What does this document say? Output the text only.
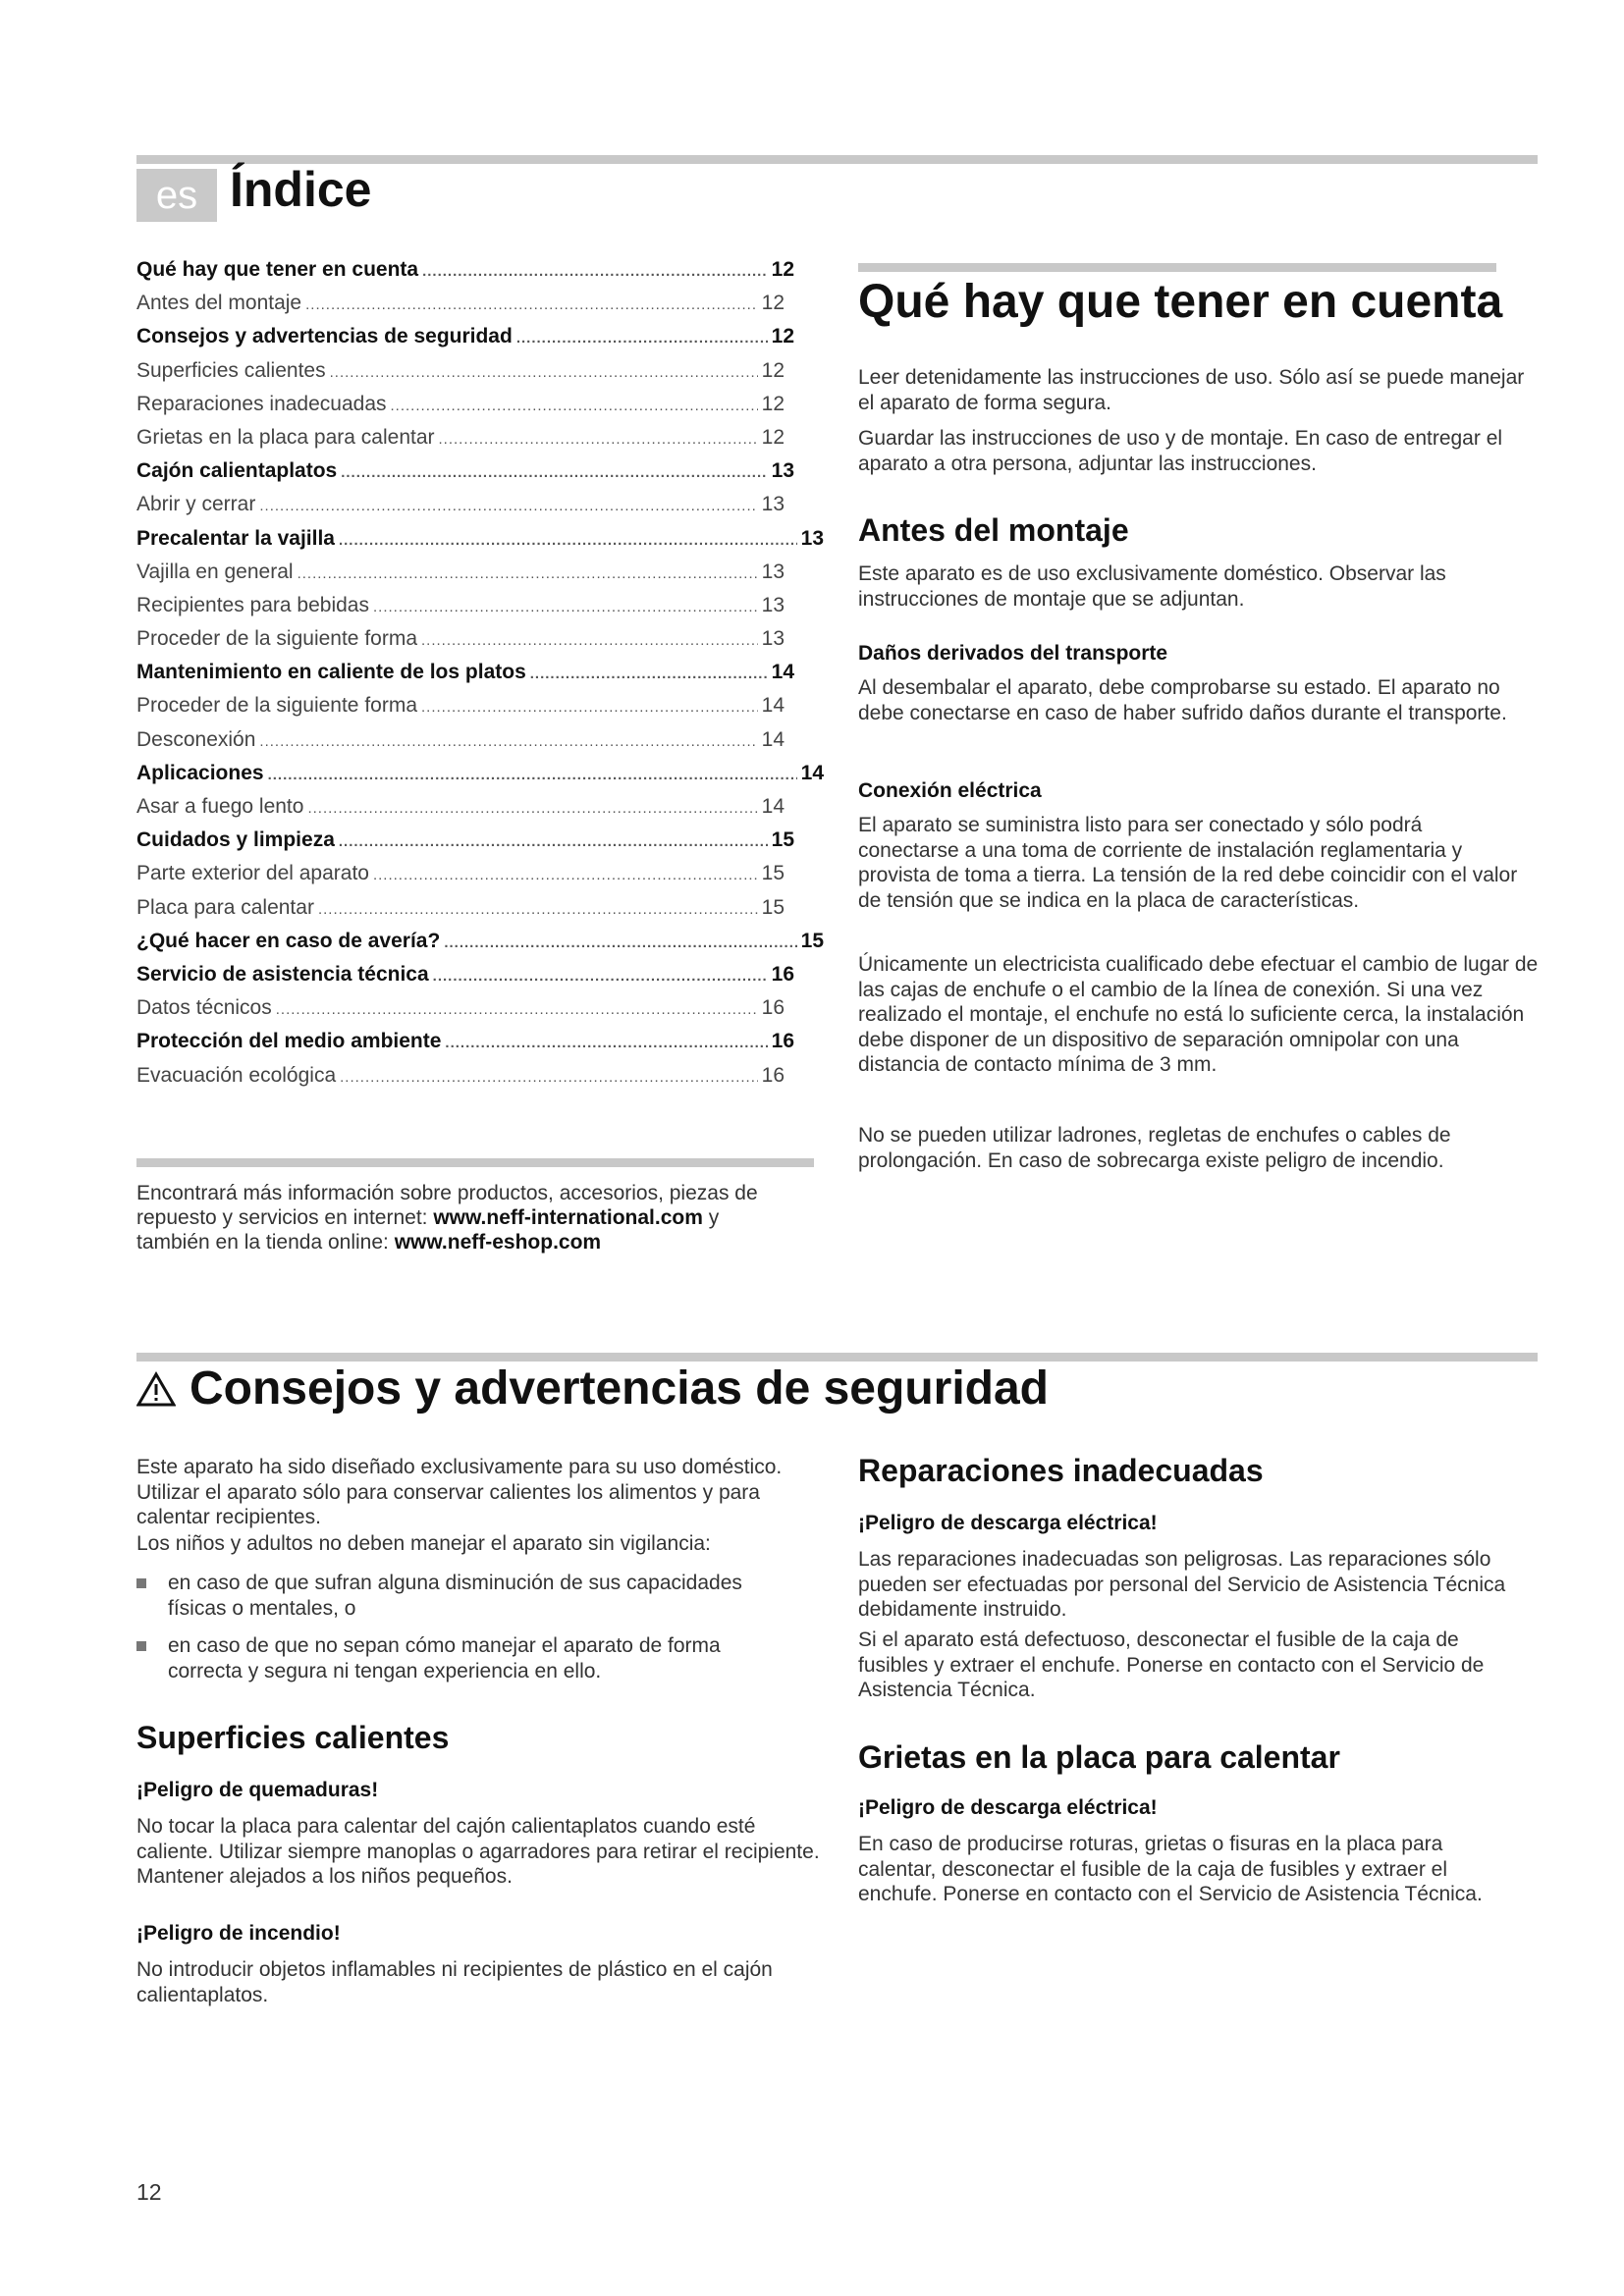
es Índice
Qué hay que tener en cuenta .....	12
Antes del montaje .....	12
Consejos y advertencias de seguridad .....	12
Superficies calientes .....	12
Reparaciones inadecuadas .....	12
Grietas en la placa para calentar .....	12
Cajón calientaplatos .....	13
Abrir y cerrar .....	13
Precalentar la vajilla .....	13
Vajilla en general .....	13
Recipientes para bebidas .....	13
Proceder de la siguiente forma .....	13
Mantenimiento en caliente de los platos .....	14
Proceder de la siguiente forma .....	14
Desconexión .....	14
Aplicaciones .....	14
Asar a fuego lento .....	14
Cuidados y limpieza .....	15
Parte exterior del aparato .....	15
Placa para calentar .....	15
¿Qué hacer en caso de avería? .....	15
Servicio de asistencia técnica .....	16
Datos técnicos .....	16
Protección del medio ambiente .....	16
Evacuación ecológica .....	16
Encontrará más información sobre productos, accesorios, piezas de repuesto y servicios en internet: www.neff-international.com y también en la tienda online: www.neff-eshop.com
Qué hay que tener en cuenta
Leer detenidamente las instrucciones de uso. Sólo así se puede manejar el aparato de forma segura.
Guardar las instrucciones de uso y de montaje. En caso de entregar el aparato a otra persona, adjuntar las instrucciones.
Antes del montaje
Este aparato es de uso exclusivamente doméstico. Observar las instrucciones de montaje que se adjuntan.
Daños derivados del transporte
Al desembalar el aparato, debe comprobarse su estado. El aparato no debe conectarse en caso de haber sufrido daños durante el transporte.
Conexión eléctrica
El aparato se suministra listo para ser conectado y sólo podrá conectarse a una toma de corriente de instalación reglamentaria y provista de toma a tierra. La tensión de la red debe coincidir con el valor de tensión que se indica en la placa de características.
Únicamente un electricista cualificado debe efectuar el cambio de lugar de las cajas de enchufe o el cambio de la línea de conexión. Si una vez realizado el montaje, el enchufe no está lo suficiente cerca, la instalación debe disponer de un dispositivo de separación omnipolar con una distancia de contacto mínima de 3 mm.
No se pueden utilizar ladrones, regletas de enchufes o cables de prolongación. En caso de sobrecarga existe peligro de incendio.
Consejos y advertencias de seguridad
Este aparato ha sido diseñado exclusivamente para su uso doméstico. Utilizar el aparato sólo para conservar calientes los alimentos y para calentar recipientes.
Los niños y adultos no deben manejar el aparato sin vigilancia:
en caso de que sufran alguna disminución de sus capacidades físicas o mentales, o
en caso de que no sepan cómo manejar el aparato de forma correcta y segura ni tengan experiencia en ello.
Superficies calientes
¡Peligro de quemaduras!
No tocar la placa para calentar del cajón calientaplatos cuando esté caliente. Utilizar siempre manoplas o agarradores para retirar el recipiente. Mantener alejados a los niños pequeños.
¡Peligro de incendio!
No introducir objetos inflamables ni recipientes de plástico en el cajón calientaplatos.
Reparaciones inadecuadas
¡Peligro de descarga eléctrica!
Las reparaciones inadecuadas son peligrosas. Las reparaciones sólo pueden ser efectuadas por personal del Servicio de Asistencia Técnica debidamente instruido.
Si el aparato está defectuoso, desconectar el fusible de la caja de fusibles y extraer el enchufe. Ponerse en contacto con el Servicio de Asistencia Técnica.
Grietas en la placa para calentar
¡Peligro de descarga eléctrica!
En caso de producirse roturas, grietas o fisuras en la placa para calentar, desconectar el fusible de la caja de fusibles y extraer el enchufe. Ponerse en contacto con el Servicio de Asistencia Técnica.
12
